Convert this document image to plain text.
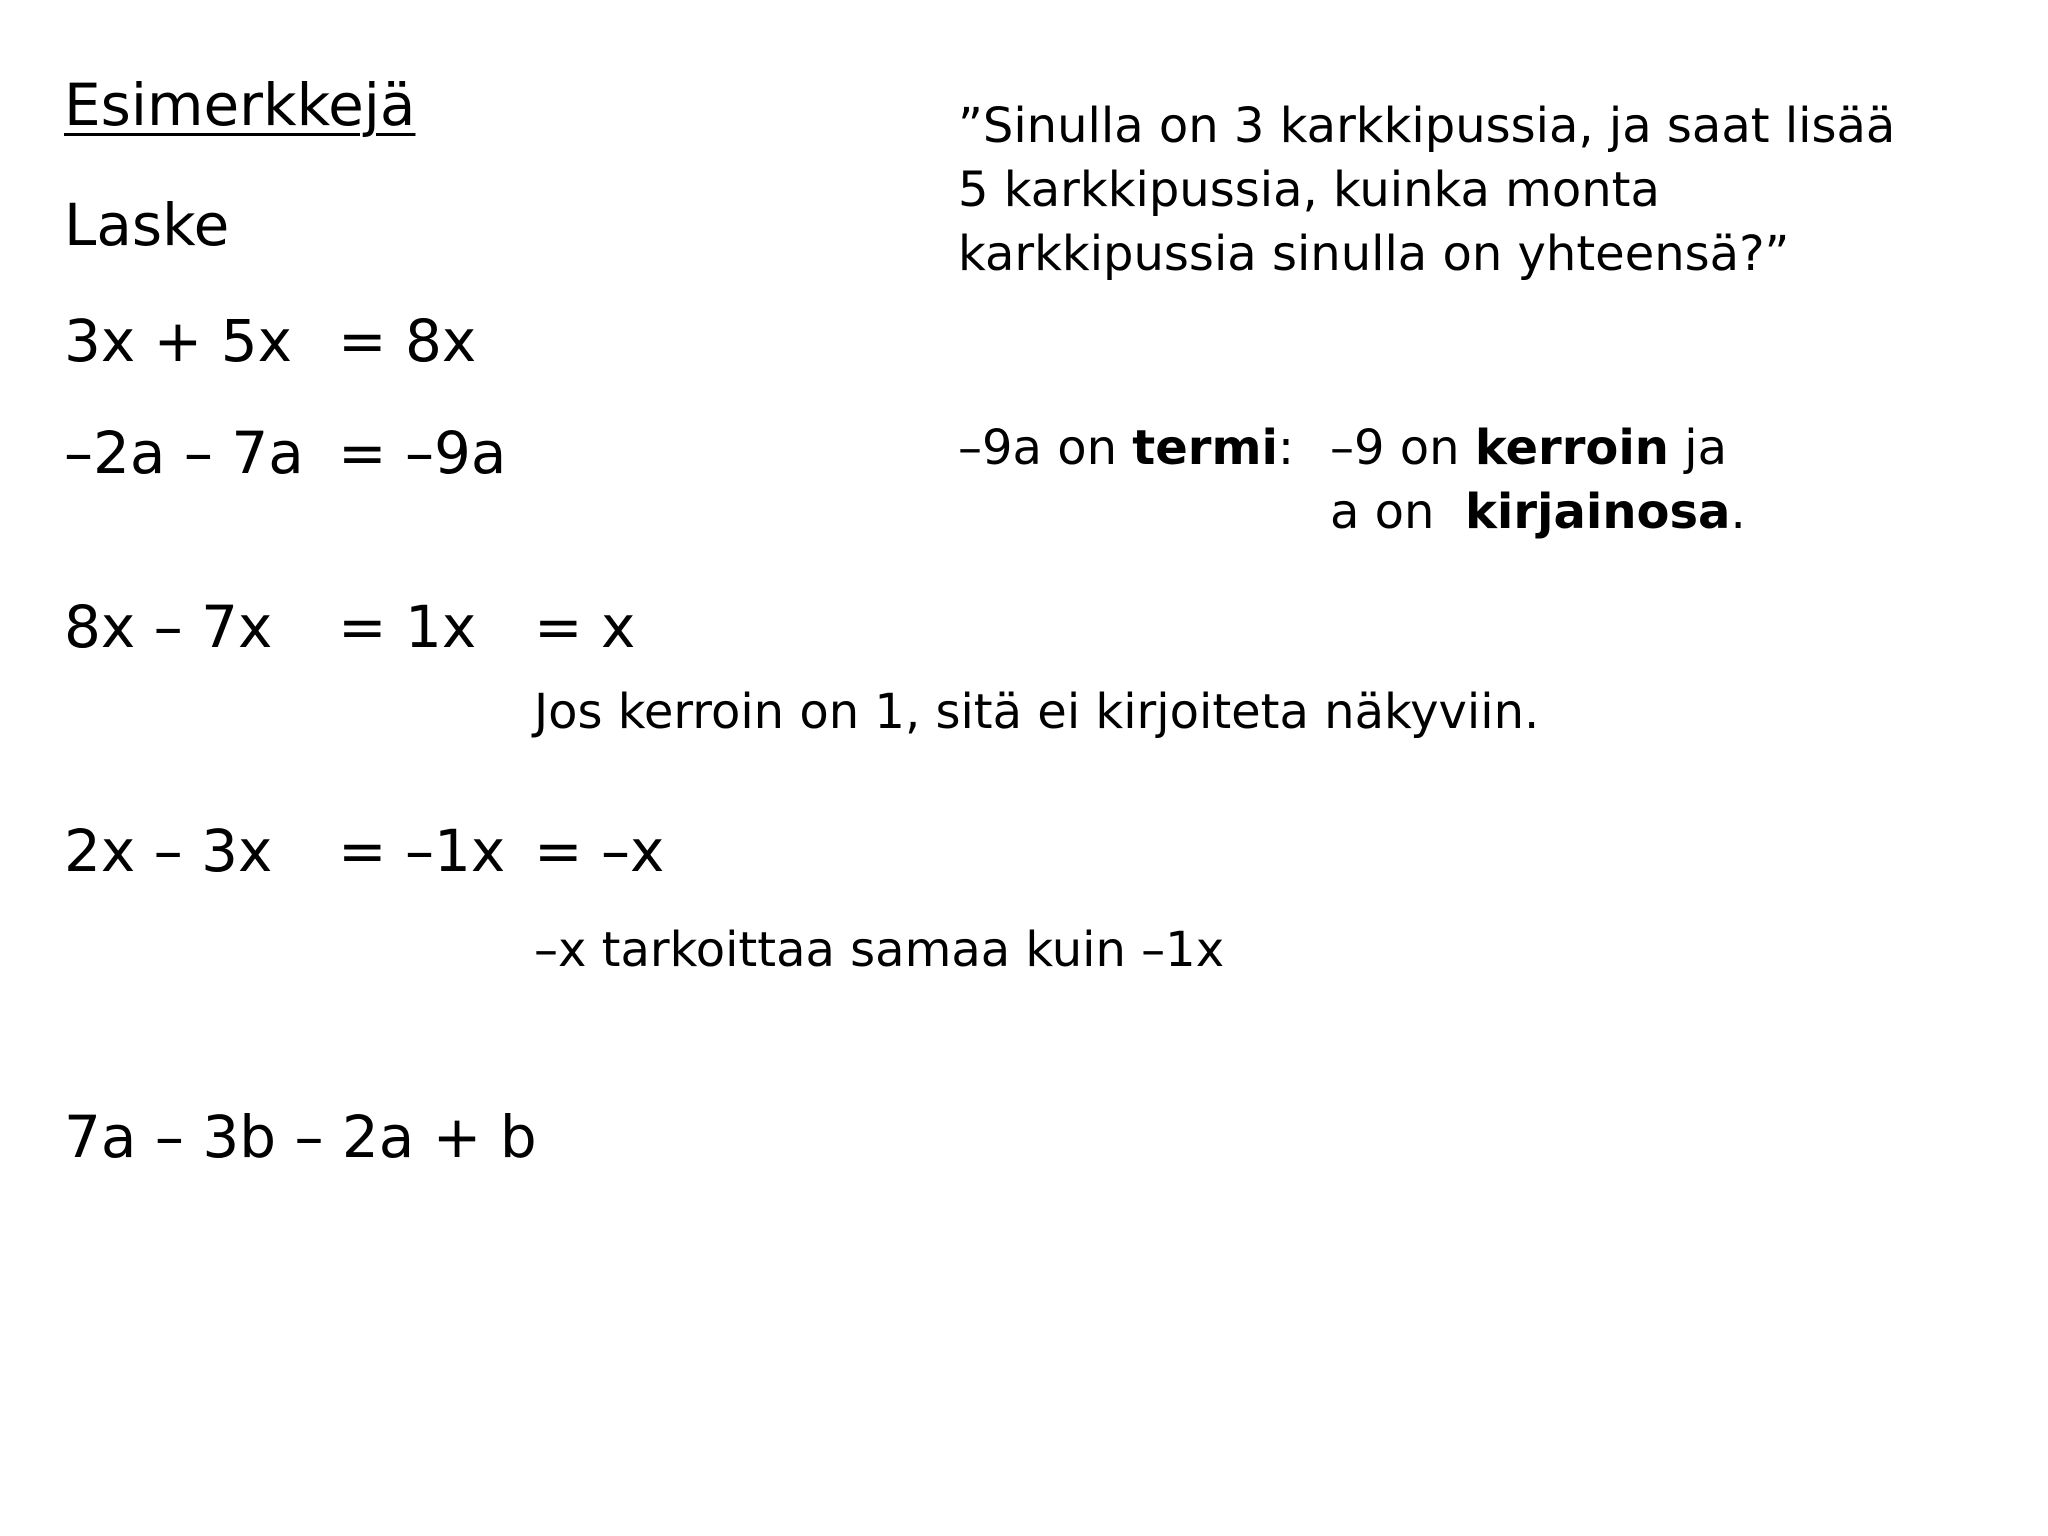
Esimerkkejä
Laske
3x + 5x = 8x
–2a – 7a = –9a
8x – 7x = 1x = x
Jos kerroin on 1, sitä ei kirjoiteta näkyviin.
2x – 3x = –1x = –x
–x tarkoittaa samaa kuin –1x
7a – 3b – 2a + b
”Sinulla on 3 karkkipussia, ja saat lisää
5 karkkipussia, kuinka monta
karkkipussia sinulla on yhteensä?”
–9a on termi: –9 on kerroin ja
a on  kirjainosa.
